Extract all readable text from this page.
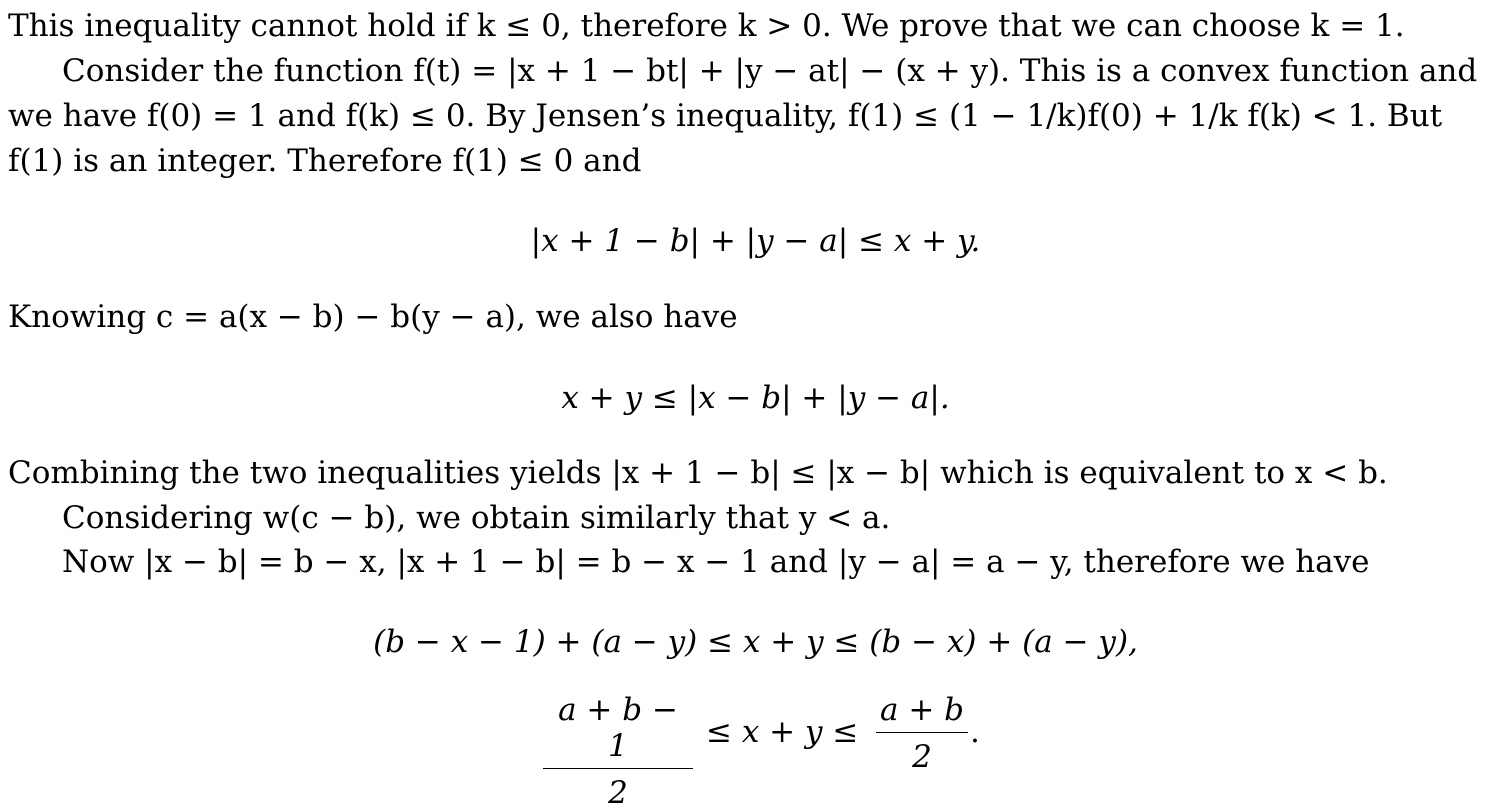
This inequality cannot hold if k ≤ 0, therefore k > 0. We prove that we can choose k = 1.
Consider the function f(t) = |x + 1 − bt| + |y − at| − (x + y). This is a convex function and
we have f(0) = 1 and f(k) ≤ 0. By Jensen’s inequality, f(1) ≤ (1 − 1/k)f(0) + 1/k f(k) < 1. But
f(1) is an integer. Therefore f(1) ≤ 0 and
|x + 1 − b| + |y − a| ≤ x + y.
Knowing c = a(x − b) − b(y − a), we also have
x + y ≤ |x − b| + |y − a|.
Combining the two inequalities yields |x + 1 − b| ≤ |x − b| which is equivalent to x < b.
Considering w(c − b), we obtain similarly that y < a.
Now |x − b| = b − x, |x + 1 − b| = b − x − 1 and |y − a| = a − y, therefore we have
(b − x − 1) + (a − y) ≤ x + y ≤ (b − x) + (a − y),
$\frac{a + b - 1}{2} \le x + y \le \frac{a + b}{2}$ .
